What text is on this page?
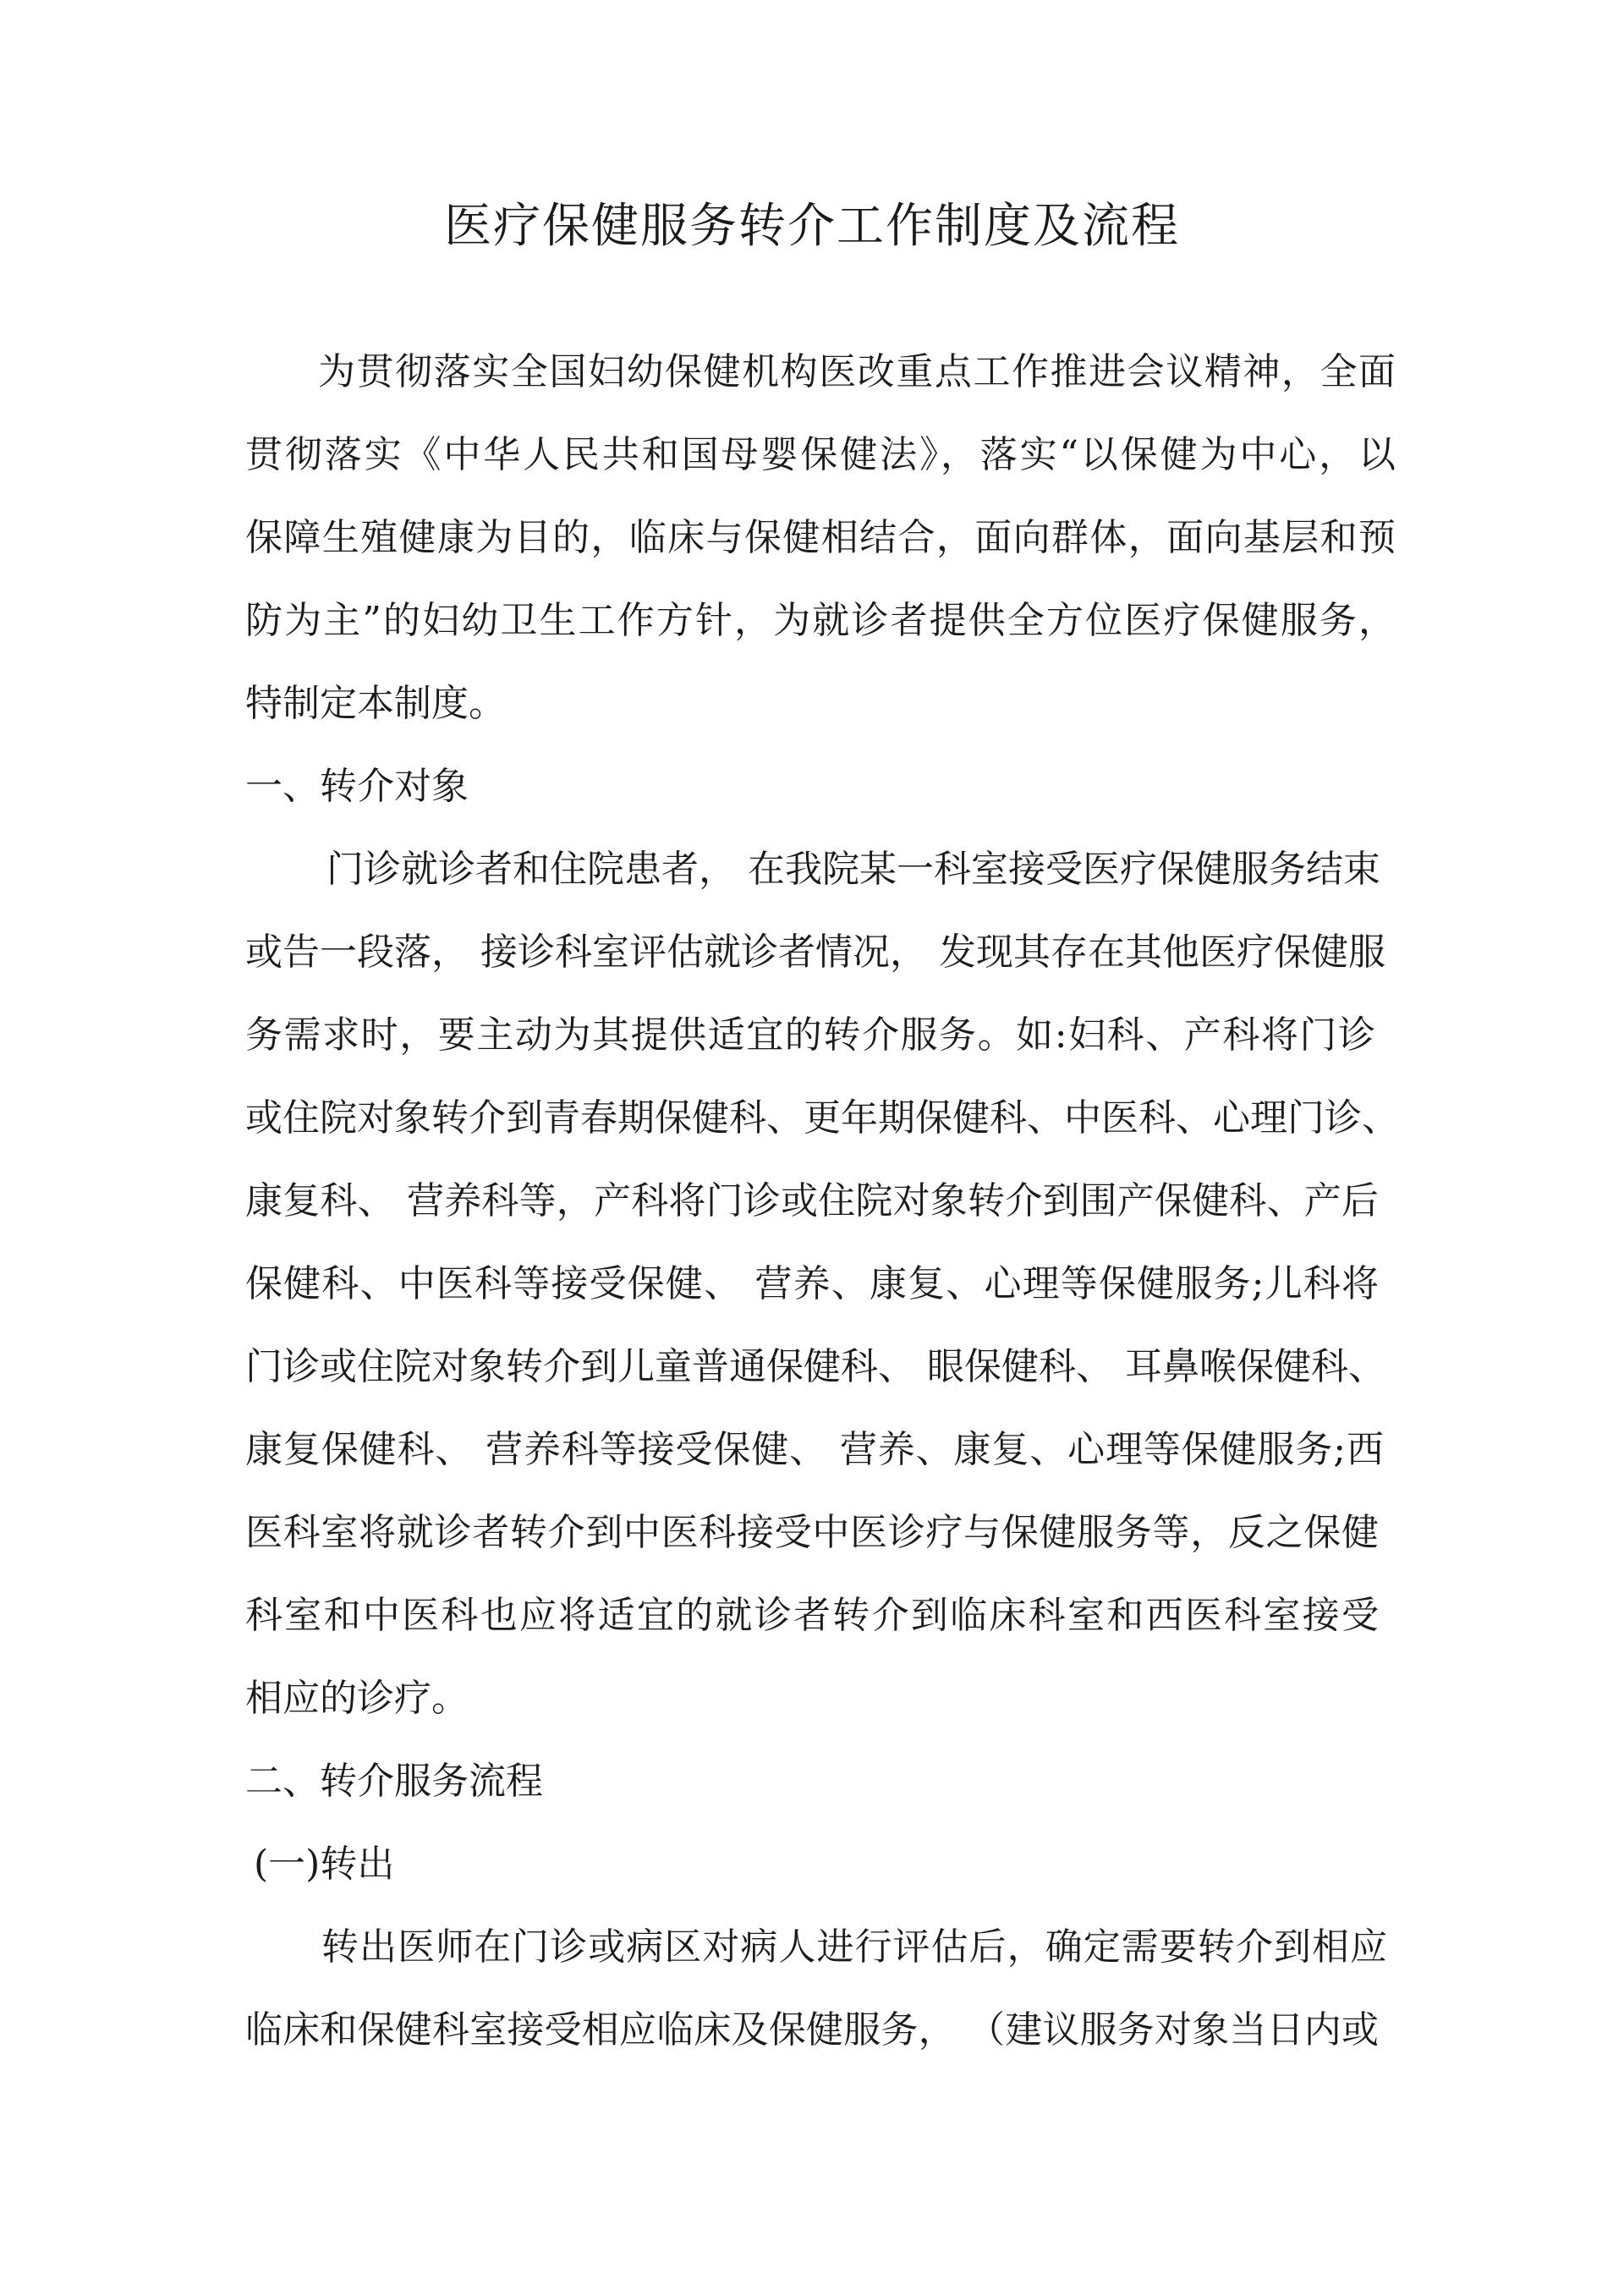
医疗保健服务转介工作制度及流程

为贯彻落实全国妇幼保健机构医改重点工作推进会议精神，全面

贯彻落实《中华人民共和国母婴保健法》，落实“以保健为中心，以

保障生殖健康为目的，临床与保健相结合，面向群体，面向基层和预

防为主”的妇幼卫生工作方针，为就诊者提供全方位医疗保健服务，

特制定本制度。

一、转介对象

门诊就诊者和住院患者， 在我院某一科室接受医疗保健服务结束

或告一段落， 接诊科室评估就诊者情况， 发现其存在其他医疗保健服

务需求时，要主动为其提供适宜的转介服务。如:妇科、产科将门诊

或住院对象转介到青春期保健科、更年期保健科、中医科、心理门诊、

康复科、 营养科等，产科将门诊或住院对象转介到围产保健科、产后

保健科、中医科等接受保健、 营养、康复、心理等保健服务;儿科将

门诊或住院对象转介到儿童普通保健科、 眼保健科、 耳鼻喉保健科、

康复保健科、 营养科等接受保健、 营养、康复、心理等保健服务;西

医科室将就诊者转介到中医科接受中医诊疗与保健服务等，反之保健

科室和中医科也应将适宜的就诊者转介到临床科室和西医科室接受

相应的诊疗。

二、转介服务流程

(一)转出

转出医师在门诊或病区对病人进行评估后，确定需要转介到相应

临床和保健科室接受相应临床及保健服务， （建议服务对象当日内或
